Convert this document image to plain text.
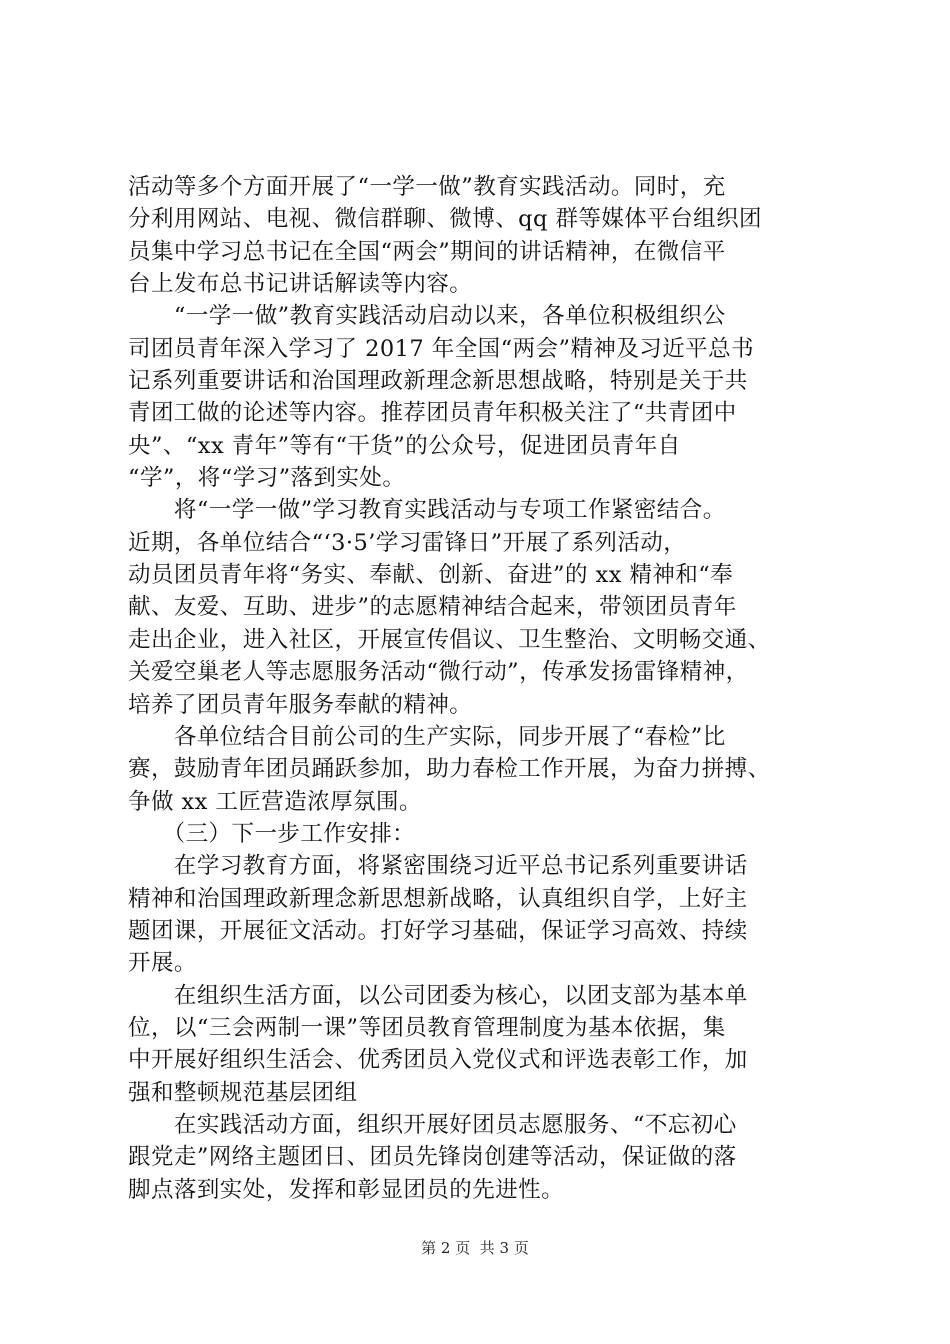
活动等多个方面开展了“一学一做”教育实践活动。同时，充
分利用网站、电视、微信群聊、微博、qq 群等媒体平台组织团
员集中学习总书记在全国“两会”期间的讲话精神，在微信平
台上发布总书记讲话解读等内容。
　　“一学一做”教育实践活动启动以来，各单位积极组织公
司团员青年深入学习了 2017 年全国“两会”精神及习近平总书
记系列重要讲话和治国理政新理念新思想战略，特别是关于共
青团工做的论述等内容。推荐团员青年积极关注了“共青团中
央”、“xx 青年”等有“干货”的公众号，促进团员青年自
“学”，将“学习”落到实处。
　　将“一学一做”学习教育实践活动与专项工作紧密结合。
近期，各单位结合“‘3·5’学习雷锋日”开展了系列活动，
动员团员青年将“务实、奉献、创新、奋进”的 xx 精神和“奉
献、友爱、互助、进步”的志愿精神结合起来，带领团员青年
走出企业，进入社区，开展宣传倡议、卫生整治、文明畅交通、
关爱空巢老人等志愿服务活动“微行动”，传承发扬雷锋精神，
培养了团员青年服务奉献的精神。
　　各单位结合目前公司的生产实际，同步开展了“春检”比
赛，鼓励青年团员踊跃参加，助力春检工作开展，为奋力拼搏、
争做 xx 工匠营造浓厚氛围。
　　（三）下一步工作安排：
　　在学习教育方面，将紧密围绕习近平总书记系列重要讲话
精神和治国理政新理念新思想新战略，认真组织自学，上好主
题团课，开展征文活动。打好学习基础，保证学习高效、持续
开展。
　　在组织生活方面，以公司团委为核心，以团支部为基本单
位，以“三会两制一课”等团员教育管理制度为基本依据，集
中开展好组织生活会、优秀团员入党仪式和评选表彰工作，加
强和整顿规范基层团组
　　在实践活动方面，组织开展好团员志愿服务、“不忘初心
跟党走”网络主题团日、团员先锋岗创建等活动，保证做的落
脚点落到实处，发挥和彰显团员的先进性。
第 2 页  共 3 页
